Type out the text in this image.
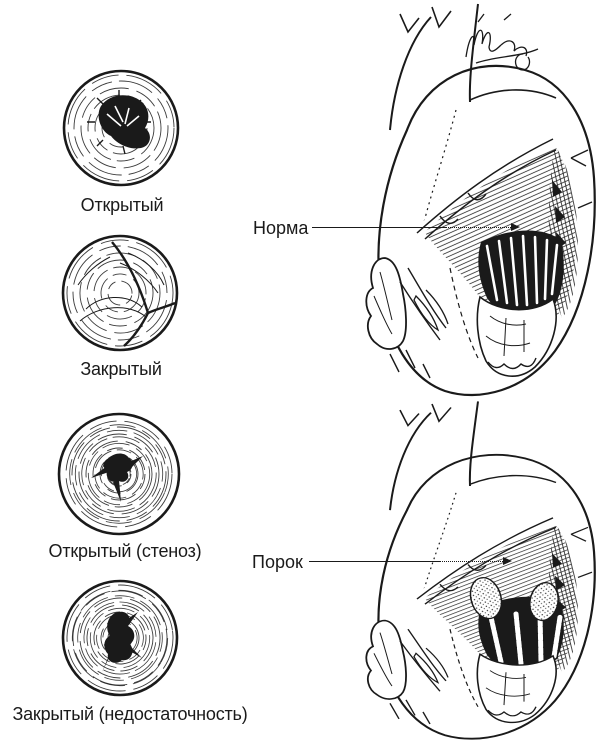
Открытый
Закрытый
Открытый (стеноз)
Закрытый (недостаточность)
Норма
Порок
